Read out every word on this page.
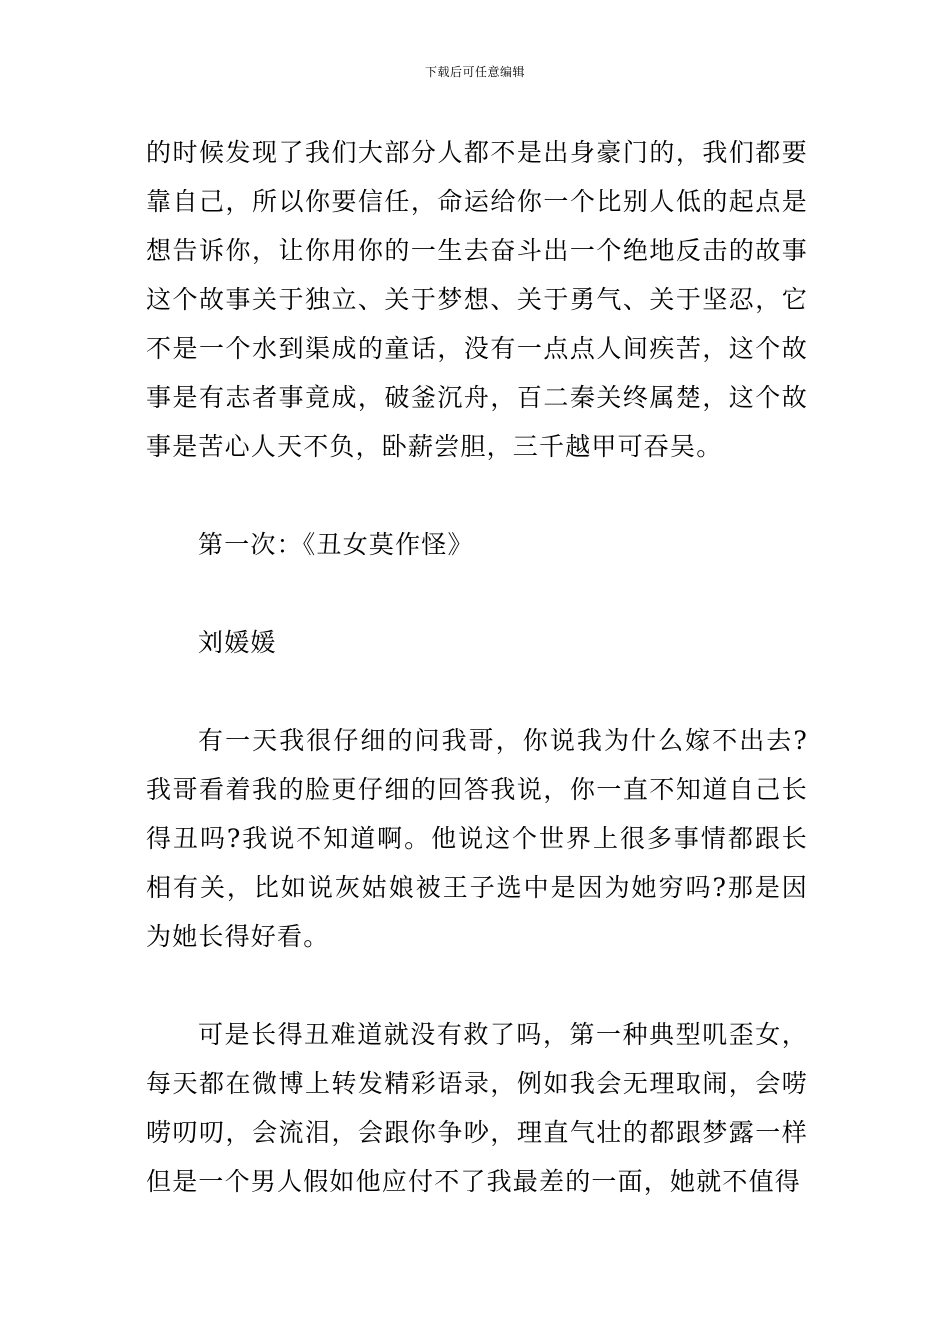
下载后可任意编辑

的时候发现了我们大部分人都不是出身豪门的，我们都要靠自己，所以你要信任，命运给你一个比别人低的起点是想告诉你，让你用你的一生去奋斗出一个绝地反击的故事这个故事关于独立、关于梦想、关于勇气、关于坚忍，它不是一个水到渠成的童话，没有一点点人间疾苦，这个故事是有志者事竟成，破釜沉舟，百二秦关终属楚，这个故事是苦心人天不负，卧薪尝胆，三千越甲可吞吴。

第一次：《丑女莫作怪》

刘媛媛

有一天我很仔细的问我哥，你说我为什么嫁不出去?我哥看着我的脸更仔细的回答我说，你一直不知道自己长得丑吗?我说不知道啊。他说这个世界上很多事情都跟长相有关，比如说灰姑娘被王子选中是因为她穷吗?那是因为她长得好看。

可是长得丑难道就没有救了吗，第一种典型叽歪女，每天都在微博上转发精彩语录，例如我会无理取闹，会唠唠叨叨，会流泪，会跟你争吵，理直气壮的都跟梦露一样但是一个男人假如他应付不了我最差的一面，她就不值得
